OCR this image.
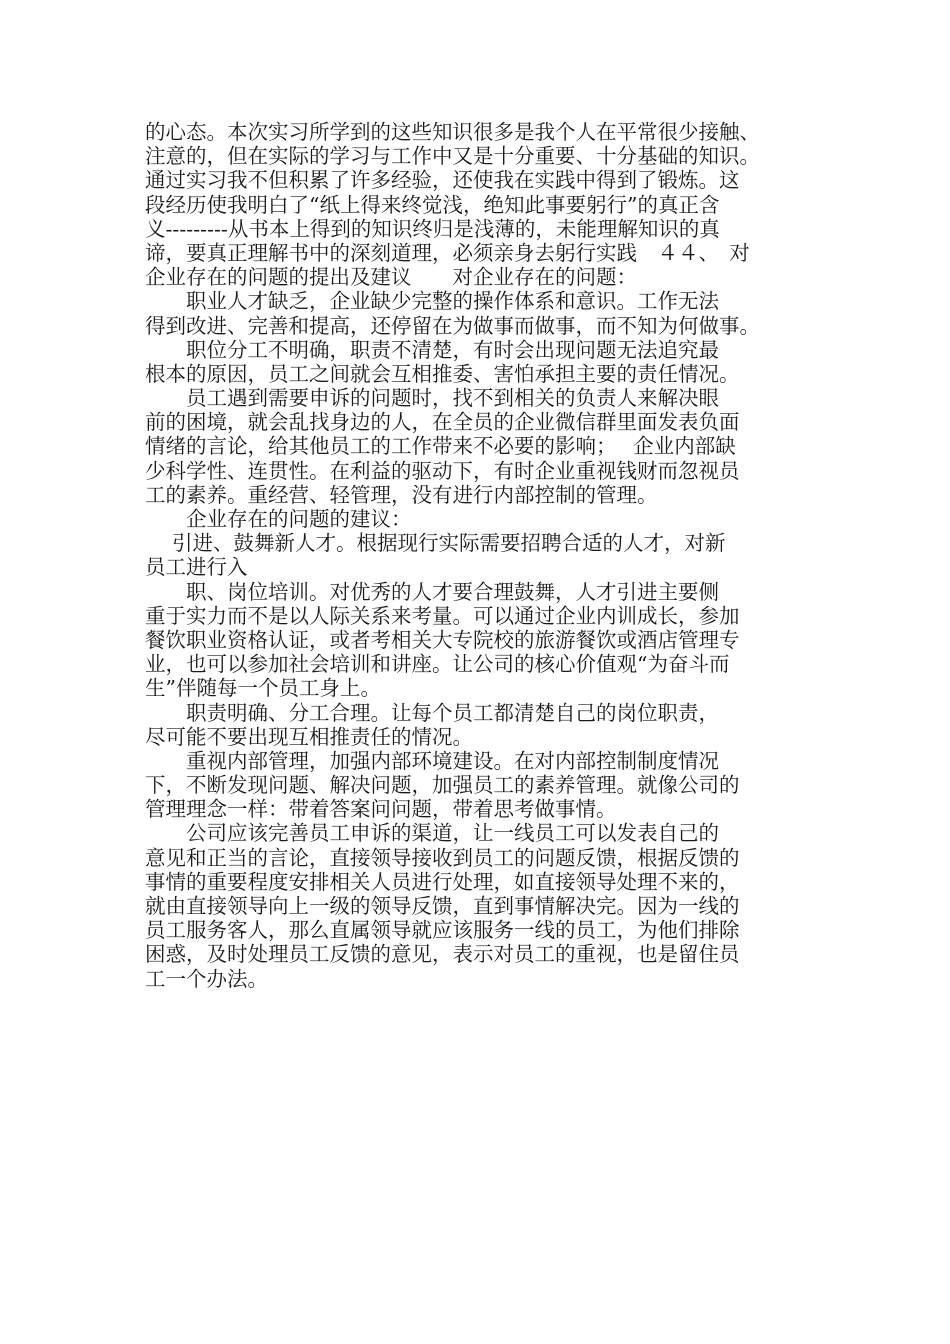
的心态。本次实习所学到的这些知识很多是我个人在平常很少接触、
注意的，但在实际的学习与工作中又是十分重要、十分基础的知识。
通过实习我不但积累了许多经验，还使我在实践中得到了锻炼。这
段经历使我明白了“纸上得来终觉浅，绝知此事要躬行”的真正含
义---------从书本上得到的知识终归是浅薄的，未能理解知识的真
谛，要真正理解书中的深刻道理，必须亲身去躬行实践　４４、　对
企业存在的问题的提出及建议　　对企业存在的问题：
　　职业人才缺乏，企业缺少完整的操作体系和意识。工作无法
得到改进、完善和提高，还停留在为做事而做事，而不知为何做事。
　　职位分工不明确，职责不清楚，有时会出现问题无法追究最
根本的原因，员工之间就会互相推委、害怕承担主要的责任情况。
　　员工遇到需要申诉的问题时，找不到相关的负责人来解决眼
前的困境，就会乱找身边的人，在全员的企业微信群里面发表负面
情绪的言论，给其他员工的工作带来不必要的影响；　 企业内部缺
少科学性、连贯性。在利益的驱动下，有时企业重视钱财而忽视员
工的素养。重经营、轻管理，没有进行内部控制的管理。
　　企业存在的问题的建议：
　 引进、鼓舞新人才。根据现行实际需要招聘合适的人才，对新
员工进行入
　　职、岗位培训。对优秀的人才要合理鼓舞，人才引进主要侧
重于实力而不是以人际关系来考量。可以通过企业内训成长，参加
餐饮职业资格认证，或者考相关大专院校的旅游餐饮或酒店管理专
业，也可以参加社会培训和讲座。让公司的核心价值观“为奋斗而
生”伴随每一个员工身上。
　　职责明确、分工合理。让每个员工都清楚自己的岗位职责，
尽可能不要出现互相推责任的情况。
　　重视内部管理，加强内部环境建设。在对内部控制制度情况
下，不断发现问题、解决问题，加强员工的素养管理。就像公司的
管理理念一样：带着答案问问题，带着思考做事情。
　　公司应该完善员工申诉的渠道，让一线员工可以发表自己的
意见和正当的言论，直接领导接收到员工的问题反馈，根据反馈的
事情的重要程度安排相关人员进行处理，如直接领导处理不来的，
就由直接领导向上一级的领导反馈，直到事情解决完。因为一线的
员工服务客人，那么直属领导就应该服务一线的员工，为他们排除
困惑，及时处理员工反馈的意见，表示对员工的重视，也是留住员
工一个办法。
